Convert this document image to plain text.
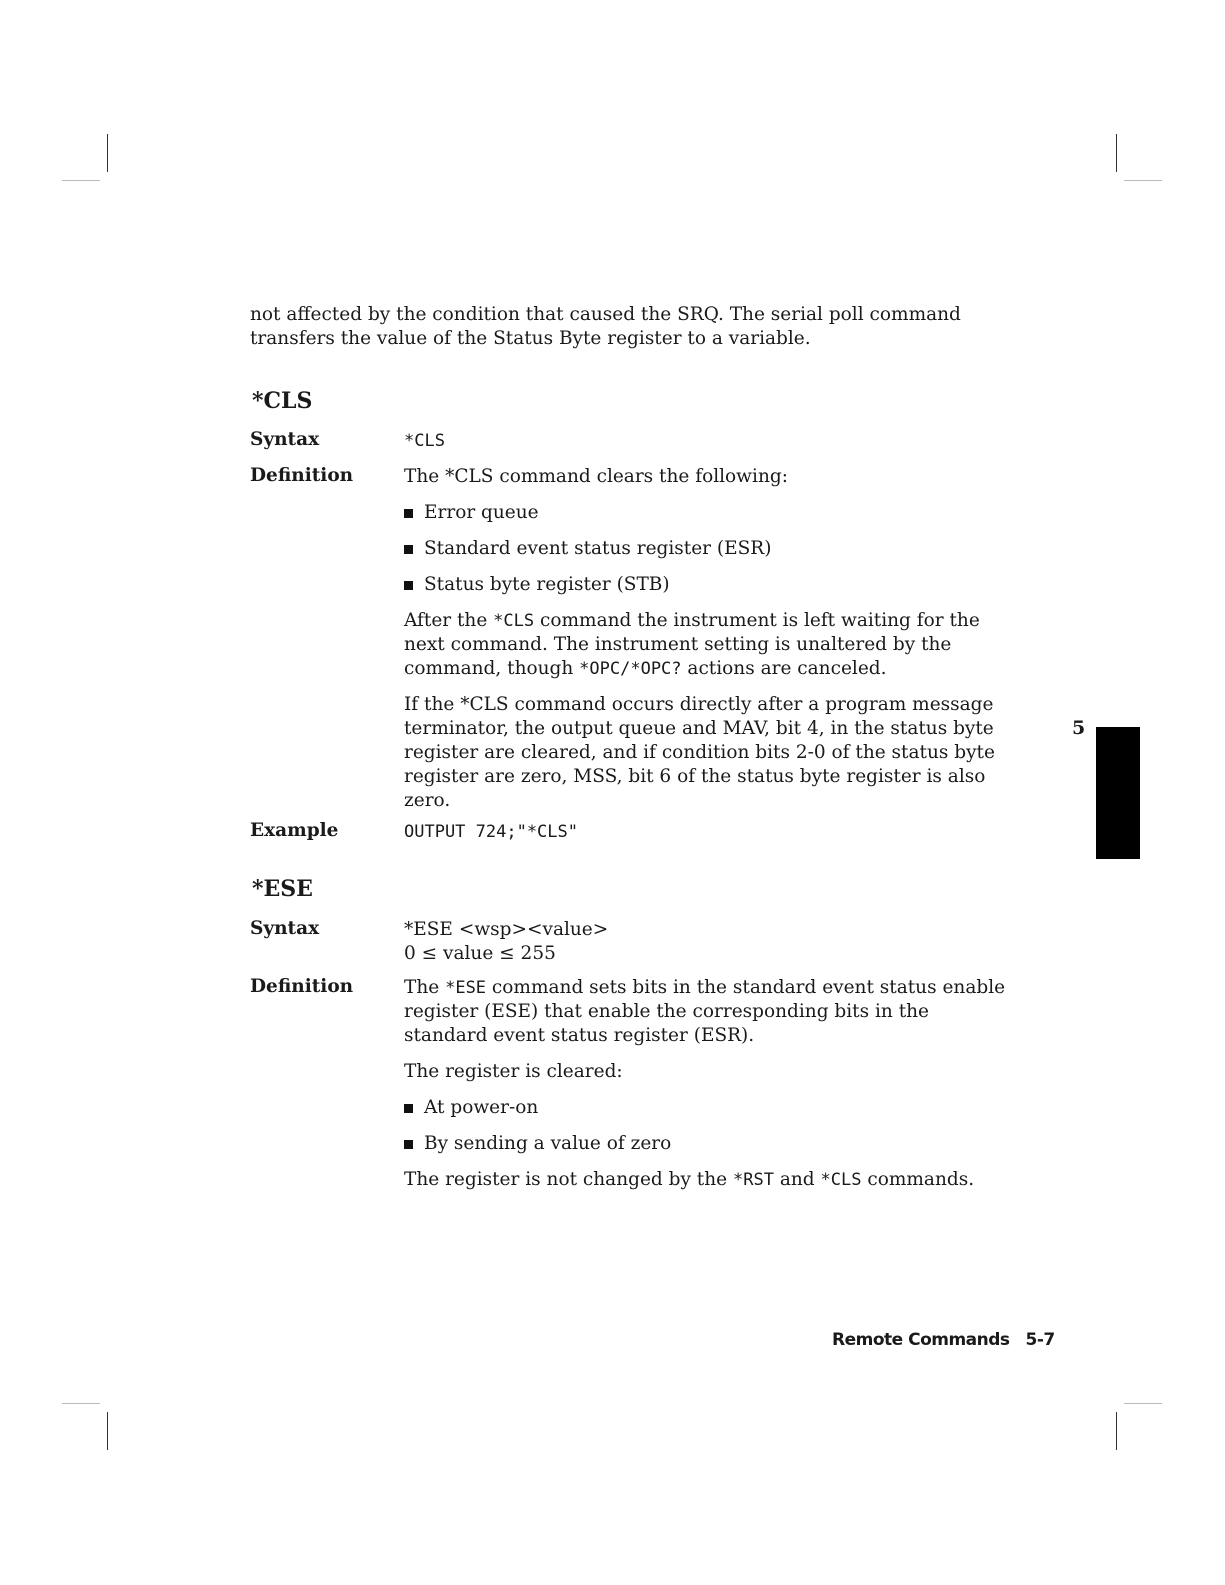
not affected by the condition that caused the SRQ. The serial poll command
transfers the value of the Status Byte register to a variable.

*CLS

Syntax	*CLS

Definition	The *CLS command clears the following:

Error queue
Standard event status register (ESR)
Status byte register (STB)

After the *CLS command the instrument is left waiting for the next command. The instrument setting is unaltered by the command, though *OPC/*OPC? actions are canceled.

If the *CLS command occurs directly after a program message terminator, the output queue and MAV, bit 4, in the status byte register are cleared, and if condition bits 2-0 of the status byte register are zero, MSS, bit 6 of the status byte register is also zero.

Example	OUTPUT 724;"*CLS"
*ESE

Syntax	*ESE <wsp><value>
0 ≤ value ≤ 255

Definition	The *ESE command sets bits in the standard event status enable register (ESE) that enable the corresponding bits in the standard event status register (ESR).

The register is cleared:

At power-on
By sending a value of zero

The register is not changed by the *RST and *CLS commands.

5
Remote Commands 5-7
